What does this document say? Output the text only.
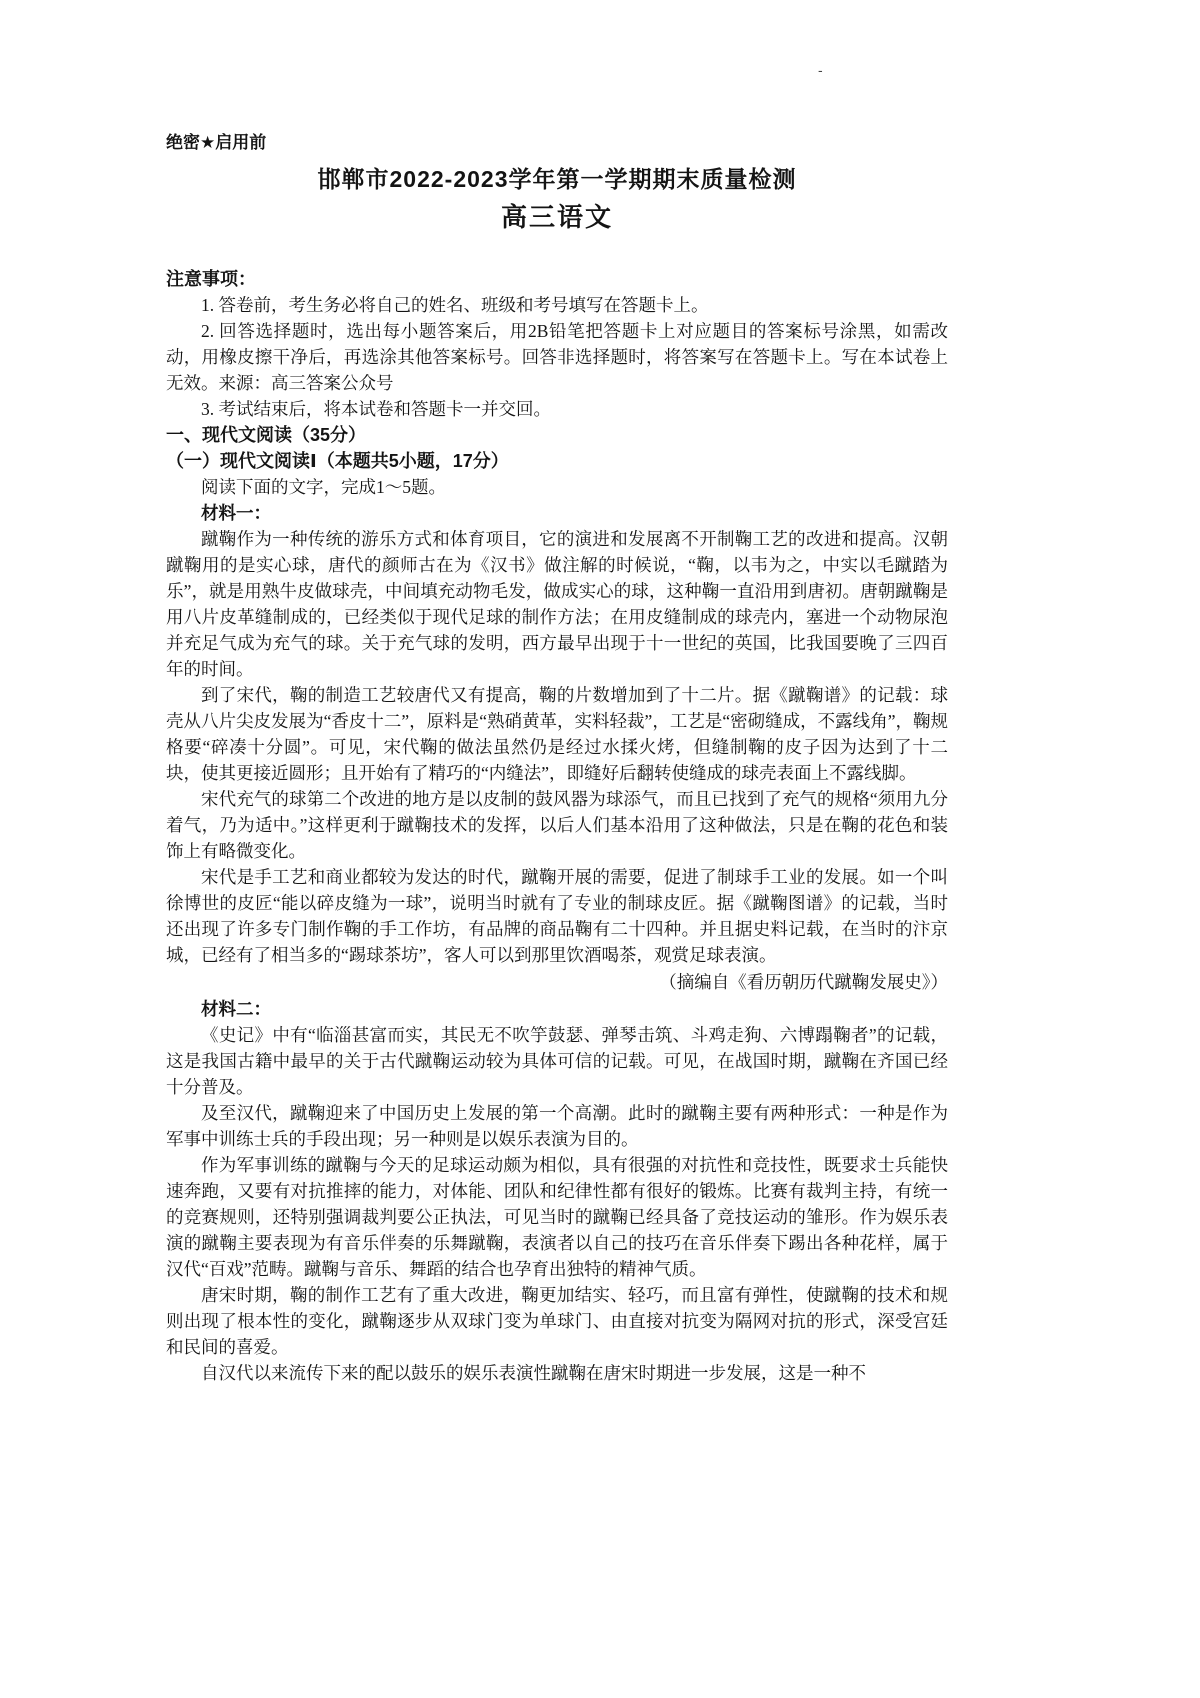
-
绝密★启用前
邯郸市2022-2023学年第一学期期末质量检测
高三语文
注意事项：

1. 答卷前，考生务必将自己的姓名、班级和考号填写在答题卡上。

2. 回答选择题时，选出每小题答案后，用2B铅笔把答题卡上对应题目的答案标号涂黑，如需改动，用橡皮擦干净后，再选涂其他答案标号。回答非选择题时，将答案写在答题卡上。写在本试卷上无效。来源：高三答案公众号

3. 考试结束后，将本试卷和答题卡一并交回。

一、现代文阅读（35分）
（一）现代文阅读Ⅰ（本题共5小题，17分）

阅读下面的文字，完成1～5题。

材料一：

蹴鞠作为一种传统的游乐方式和体育项目，它的演进和发展离不开制鞠工艺的改进和提高。汉朝蹴鞠用的是实心球，唐代的颜师古在为《汉书》做注解的时候说，“鞠，以韦为之，中实以毛蹴踏为乐”，就是用熟牛皮做球壳，中间填充动物毛发，做成实心的球，这种鞠一直沿用到唐初。唐朝蹴鞠是用八片皮革缝制成的，已经类似于现代足球的制作方法；在用皮缝制成的球壳内，塞进一个动物尿泡并充足气成为充气的球。关于充气球的发明，西方最早出现于十一世纪的英国，比我国要晚了三四百年的时间。

到了宋代，鞠的制造工艺较唐代又有提高，鞠的片数增加到了十二片。据《蹴鞠谱》的记载：球壳从八片尖皮发展为“香皮十二”，原料是“熟硝黄革，实料轻裁”，工艺是“密砌缝成，不露线角”，鞠规格要“碎凑十分圆”。可见，宋代鞠的做法虽然仍是经过水揉火烤，但缝制鞠的皮子因为达到了十二块，使其更接近圆形；且开始有了精巧的“内缝法”，即缝好后翻转使缝成的球壳表面上不露线脚。

宋代充气的球第二个改进的地方是以皮制的鼓风器为球添气，而且已找到了充气的规格“须用九分着气，乃为适中。”这样更利于蹴鞠技术的发挥，以后人们基本沿用了这种做法，只是在鞠的花色和装饰上有略微变化。

宋代是手工艺和商业都较为发达的时代，蹴鞠开展的需要，促进了制球手工业的发展。如一个叫徐博世的皮匠“能以碎皮缝为一球”，说明当时就有了专业的制球皮匠。据《蹴鞠图谱》的记载，当时还出现了许多专门制作鞠的手工作坊，有品牌的商品鞠有二十四种。并且据史料记载，在当时的汴京城，已经有了相当多的“踢球茶坊”，客人可以到那里饮酒喝茶，观赏足球表演。

（摘编自《看历朝历代蹴鞠发展史》）

材料二：

《史记》中有“临淄甚富而实，其民无不吹竽鼓瑟、弹琴击筑、斗鸡走狗、六博蹋鞠者”的记载，这是我国古籍中最早的关于古代蹴鞠运动较为具体可信的记载。可见，在战国时期，蹴鞠在齐国已经十分普及。

及至汉代，蹴鞠迎来了中国历史上发展的第一个高潮。此时的蹴鞠主要有两种形式：一种是作为军事中训练士兵的手段出现；另一种则是以娱乐表演为目的。

作为军事训练的蹴鞠与今天的足球运动颇为相似，具有很强的对抗性和竞技性，既要求士兵能快速奔跑，又要有对抗推摔的能力，对体能、团队和纪律性都有很好的锻炼。比赛有裁判主持，有统一的竞赛规则，还特别强调裁判要公正执法，可见当时的蹴鞠已经具备了竞技运动的雏形。作为娱乐表演的蹴鞠主要表现为有音乐伴奏的乐舞蹴鞠，表演者以自己的技巧在音乐伴奏下踢出各种花样，属于汉代“百戏”范畴。蹴鞠与音乐、舞蹈的结合也孕育出独特的精神气质。

唐宋时期，鞠的制作工艺有了重大改进，鞠更加结实、轻巧，而且富有弹性，使蹴鞠的技术和规则出现了根本性的变化，蹴鞠逐步从双球门变为单球门、由直接对抗变为隔网对抗的形式，深受宫廷和民间的喜爱。

自汉代以来流传下来的配以鼓乐的娱乐表演性蹴鞠在唐宋时期进一步发展，这是一种不
